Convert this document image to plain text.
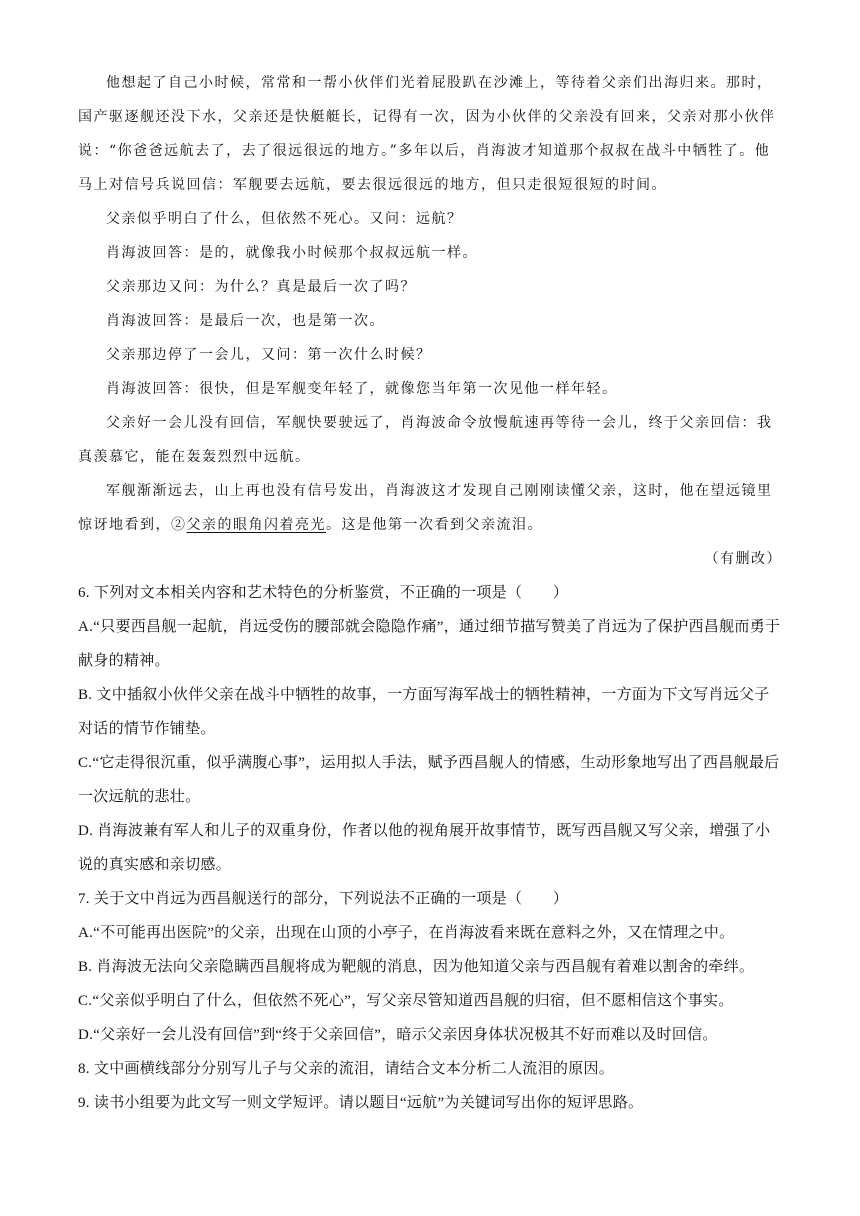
他想起了自己小时候，常常和一帮小伙伴们光着屁股趴在沙滩上，等待着父亲们出海归来。那时，国产驱逐舰还没下水，父亲还是快艇艇长，记得有一次，因为小伙伴的父亲没有回来，父亲对那小伙伴说：“你爸爸远航去了，去了很远很远的地方。”多年以后，肖海波才知道那个叔叔在战斗中牺牲了。他马上对信号兵说回信：军舰要去远航，要去很远很远的地方，但只走很短很短的时间。

父亲似乎明白了什么，但依然不死心。又问：远航？

肖海波回答：是的，就像我小时候那个叔叔远航一样。

父亲那边又问：为什么？真是最后一次了吗？

肖海波回答：是最后一次，也是第一次。

父亲那边停了一会儿，又问：第一次什么时候？

肖海波回答：很快，但是军舰变年轻了，就像您当年第一次见他一样年轻。

父亲好一会儿没有回信，军舰快要驶远了，肖海波命令放慢航速再等待一会儿，终于父亲回信：我真羡慕它，能在轰轰烈烈中远航。

军舰渐渐远去，山上再也没有信号发出，肖海波这才发现自己刚刚读懂父亲，这时，他在望远镜里惊讶地看到，②父亲的眼角闪着亮光。这是他第一次看到父亲流泪。

（有删改）

6. 下列对文本相关内容和艺术特色的分析鉴赏，不正确的一项是（　　）

A.“只要西昌舰一起航，肖远受伤的腰部就会隐隐作痛”，通过细节描写赞美了肖远为了保护西昌舰而勇于献身的精神。

B. 文中插叙小伙伴父亲在战斗中牺牲的故事，一方面写海军战士的牺牲精神，一方面为下文写肖远父子对话的情节作铺垫。

C.“它走得很沉重，似乎满腹心事”，运用拟人手法，赋予西昌舰人的情感，生动形象地写出了西昌舰最后一次远航的悲壮。

D. 肖海波兼有军人和儿子的双重身份，作者以他的视角展开故事情节，既写西昌舰又写父亲，增强了小说的真实感和亲切感。

7. 关于文中肖远为西昌舰送行的部分，下列说法不正确的一项是（　　）

A.“不可能再出医院”的父亲，出现在山顶的小亭子，在肖海波看来既在意料之外，又在情理之中。

B. 肖海波无法向父亲隐瞒西昌舰将成为靶舰的消息，因为他知道父亲与西昌舰有着难以割舍的牵绊。

C.“父亲似乎明白了什么，但依然不死心”，写父亲尽管知道西昌舰的归宿，但不愿相信这个事实。

D.“父亲好一会儿没有回信”到“终于父亲回信”，暗示父亲因身体状况极其不好而难以及时回信。

8. 文中画横线部分分别写儿子与父亲的流泪，请结合文本分析二人流泪的原因。

9. 读书小组要为此文写一则文学短评。请以题目“远航”为关键词写出你的短评思路。
